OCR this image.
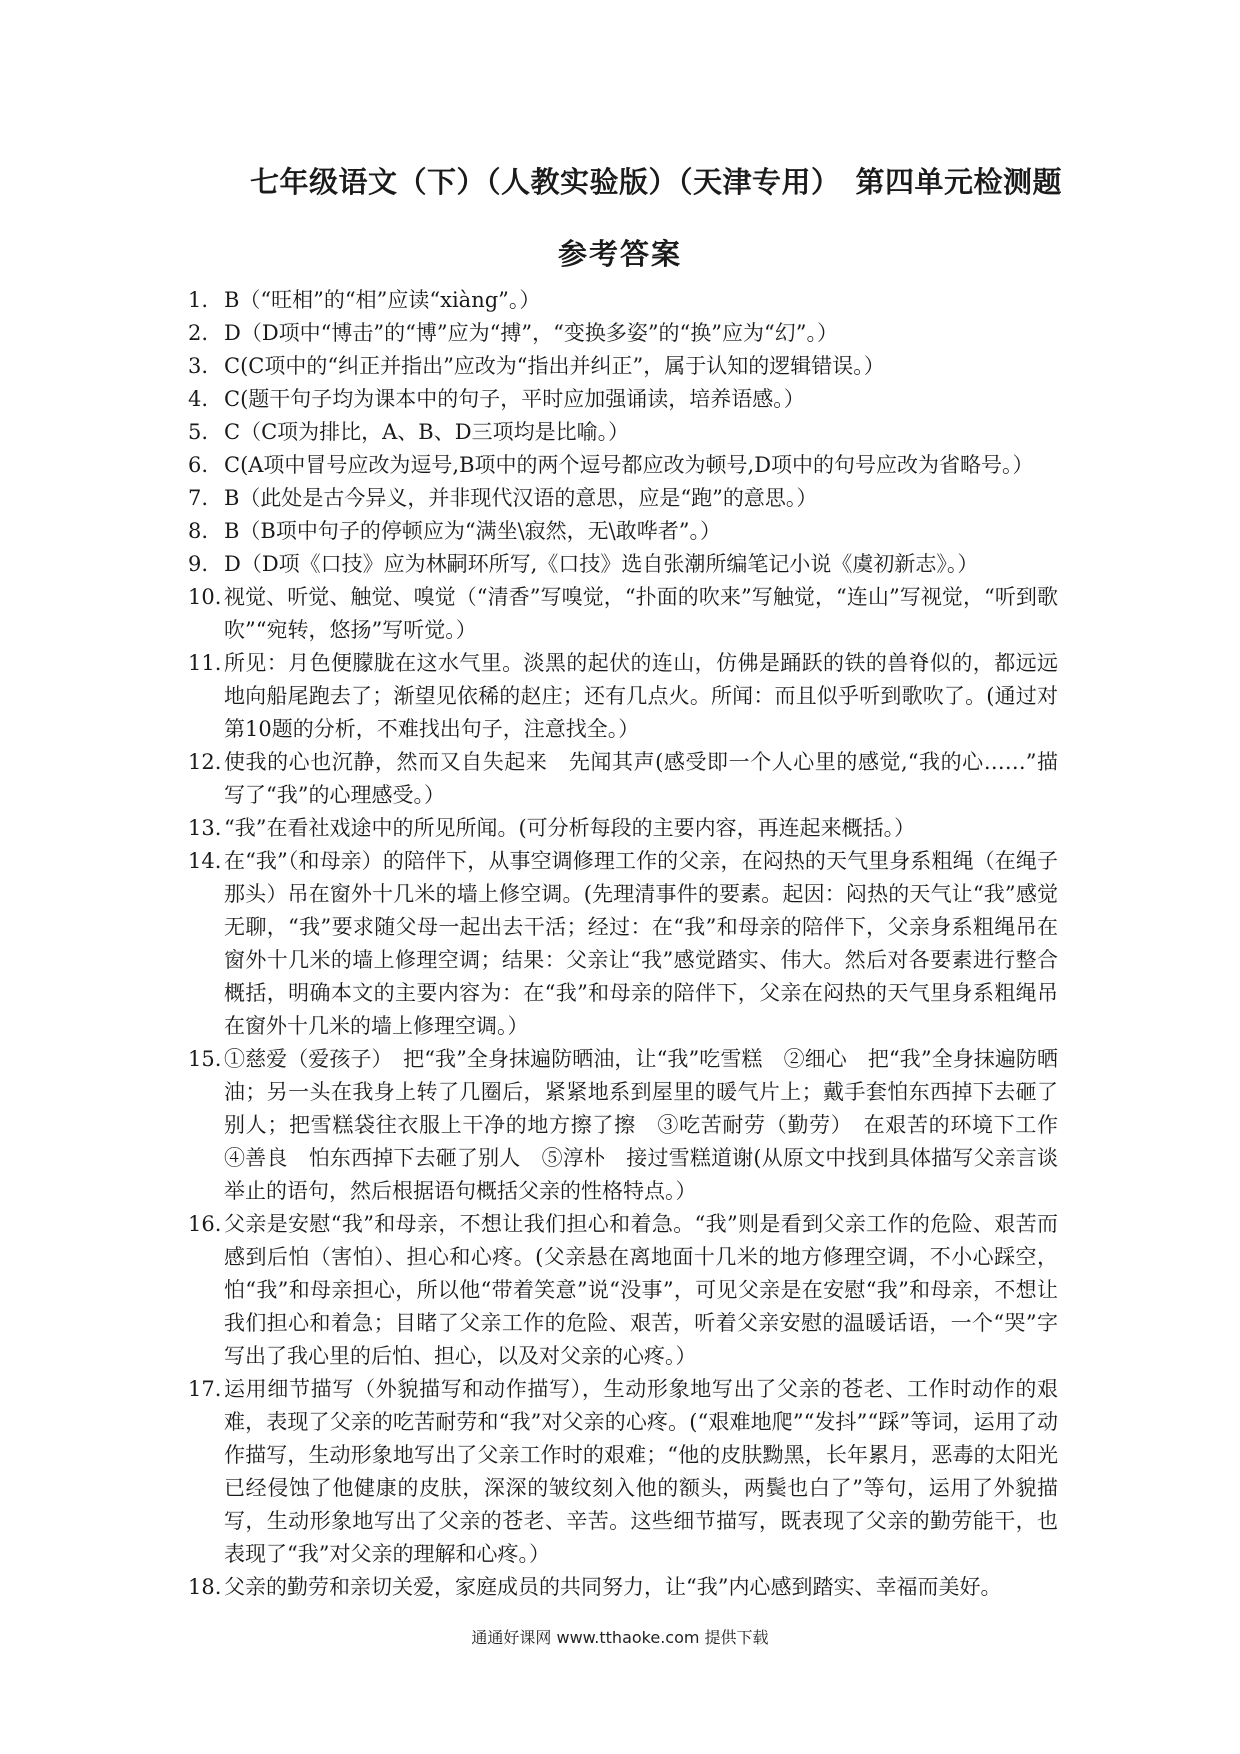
七年级语文（下）（人教实验版）（天津专用）　第四单元检测题
参考答案
1. B（“旺相”的“相”应读“xiàng”。）
2. D（D项中“博击”的“博”应为“搏”，“变换多姿”的“换”应为“幻”。）
3. C(C项中的“纠正并指出”应改为“指出并纠正”，属于认知的逻辑错误。）
4. C(题干句子均为课本中的句子，平时应加强诵读，培养语感。）
5. C（C项为排比，A、B、D三项均是比喻。）
6. C(A项中冒号应改为逗号,B项中的两个逗号都应改为顿号,D项中的句号应改为省略号。）
7. B（此处是古今异义，并非现代汉语的意思，应是“跑”的意思。）
8. B（B项中句子的停顿应为“满坐\寂然，无\敢哗者”。）
9. D（D项《口技》应为林嗣环所写,《口技》选自张潮所编笔记小说《虞初新志》。）
10. 视觉、听觉、触觉、嗅觉（“清香”写嗅觉，“扑面的吹来”写触觉，“连山”写视觉，“听到歌吹”“宛转，悠扬”写听觉。）
11. 所见：月色便朦胧在这水气里。淡黑的起伏的连山，仿佛是踊跃的铁的兽脊似的，都远远地向船尾跑去了；渐望见依稀的赵庄；还有几点火。所闻：而且似乎听到歌吹了。(通过对第10题的分析，不难找出句子，注意找全。）
12. 使我的心也沉静，然而又自失起来　先闻其声(感受即一个人心里的感觉,“我的心……”描写了“我”的心理感受。）
13. “我”在看社戏途中的所见所闻。(可分析每段的主要内容，再连起来概括。）
14. 在“我”（和母亲）的陪伴下，从事空调修理工作的父亲，在闷热的天气里身系粗绳（在绳子那头）吊在窗外十几米的墙上修空调。(先理清事件的要素。起因：闷热的天气让“我”感觉无聊，“我”要求随父母一起出去干活；经过：在“我”和母亲的陪伴下，父亲身系粗绳吊在窗外十几米的墙上修理空调；结果：父亲让“我”感觉踏实、伟大。然后对各要素进行整合概括，明确本文的主要内容为：在“我”和母亲的陪伴下，父亲在闷热的天气里身系粗绳吊在窗外十几米的墙上修理空调。）
15. ①慈爱（爱孩子）　把“我”全身抹遍防晒油，让“我”吃雪糕　②细心　把“我”全身抹遍防晒油；另一头在我身上转了几圈后，紧紧地系到屋里的暖气片上；戴手套怕东西掉下去砸了别人；把雪糕袋往衣服上干净的地方擦了擦　③吃苦耐劳（勤劳）　在艰苦的环境下工作　④善良　怕东西掉下去砸了别人　⑤淳朴　接过雪糕道谢(从原文中找到具体描写父亲言谈举止的语句，然后根据语句概括父亲的性格特点。）
16. 父亲是安慰“我”和母亲，不想让我们担心和着急。“我”则是看到父亲工作的危险、艰苦而感到后怕（害怕）、担心和心疼。(父亲悬在离地面十几米的地方修理空调，不小心踩空，怕“我”和母亲担心，所以他“带着笑意”说“没事”，可见父亲是在安慰“我”和母亲，不想让我们担心和着急；目睹了父亲工作的危险、艰苦，听着父亲安慰的温暖话语，一个“哭”字写出了我心里的后怕、担心，以及对父亲的心疼。）
17. 运用细节描写（外貌描写和动作描写），生动形象地写出了父亲的苍老、工作时动作的艰难，表现了父亲的吃苦耐劳和“我”对父亲的心疼。(“艰难地爬”“发抖”“踩”等词，运用了动作描写，生动形象地写出了父亲工作时的艰难；“他的皮肤黝黑，长年累月，恶毒的太阳光已经侵蚀了他健康的皮肤，深深的皱纹刻入他的额头，两鬓也白了”等句，运用了外貌描写，生动形象地写出了父亲的苍老、辛苦。这些细节描写，既表现了父亲的勤劳能干，也表现了“我”对父亲的理解和心疼。）
18. 父亲的勤劳和亲切关爱，家庭成员的共同努力，让“我”内心感到踏实、幸福而美好。
通通好课网 www.tthaoke.com 提供下载
